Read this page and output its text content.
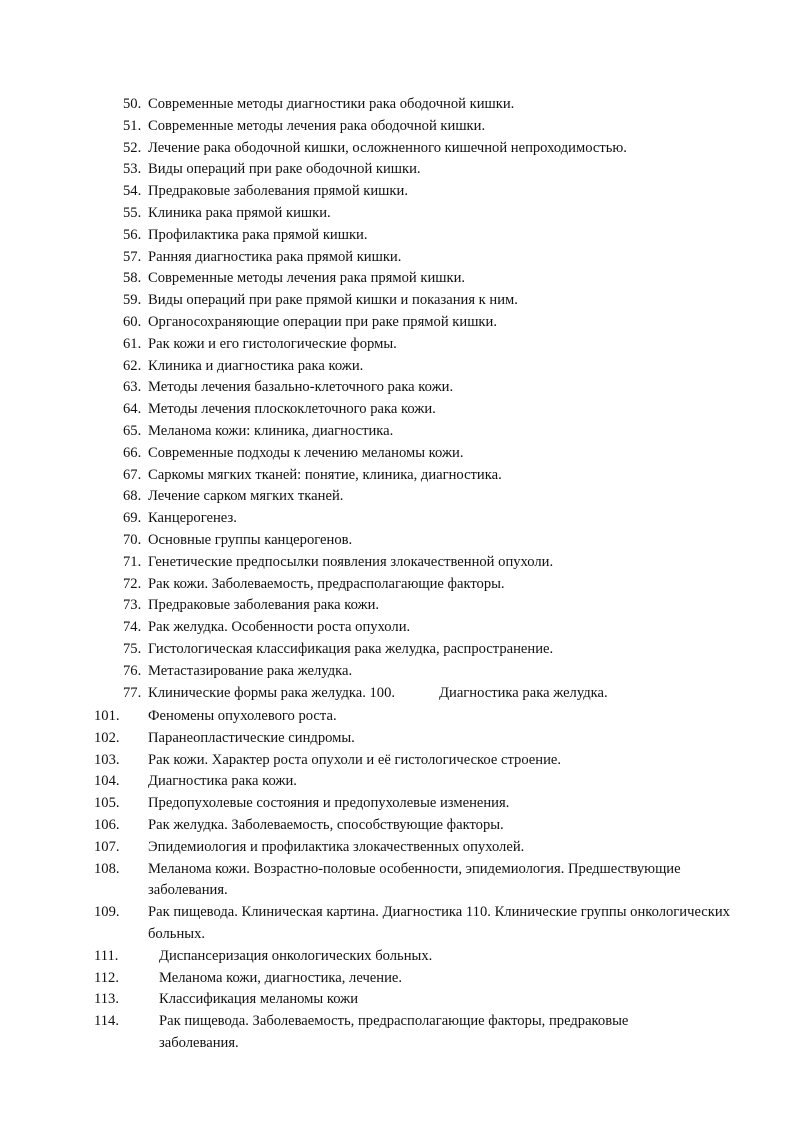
50. Современные методы диагностики рака ободочной кишки.
51. Современные методы лечения рака ободочной кишки.
52. Лечение рака ободочной кишки, осложненного кишечной непроходимостью.
53. Виды операций при раке ободочной кишки.
54. Предраковые заболевания прямой кишки.
55. Клиника рака прямой кишки.
56. Профилактика рака прямой кишки.
57. Ранняя диагностика рака прямой кишки.
58. Современные методы лечения рака прямой кишки.
59. Виды операций при раке прямой кишки и показания к ним.
60. Органосохраняющие операции при раке прямой кишки.
61. Рак кожи и его гистологические формы.
62. Клиника и диагностика рака кожи.
63. Методы лечения базально-клеточного рака кожи.
64. Методы лечения плоскоклеточного рака кожи.
65. Меланома кожи: клиника, диагностика.
66. Современные подходы к лечению меланомы кожи.
67. Саркомы мягких тканей: понятие, клиника, диагностика.
68. Лечение сарком мягких тканей.
69. Канцерогенез.
70. Основные группы канцерогенов.
71. Генетические предпосылки появления злокачественной опухоли.
72. Рак кожи. Заболеваемость, предрасполагающие факторы.
73. Предраковые заболевания рака кожи.
74. Рак желудка. Особенности роста опухоли.
75. Гистологическая классификация рака желудка, распространение.
76. Метастазирование рака желудка.
77. Клинические формы рака желудка. 100.	Диагностика рака желудка.
101. Феномены опухолевого роста.
102. Паранеопластические синдромы.
103. Рак кожи. Характер роста опухоли и её гистологическое строение.
104. Диагностика рака кожи.
105. Предопухолевые состояния и предопухолевые изменения.
106. Рак желудка. Заболеваемость, способствующие факторы.
107. Эпидемиология и профилактика злокачественных опухолей.
108. Меланома кожи. Возрастно-половые особенности, эпидемиология. Предшествующие заболевания.
109. Рак пищевода. Клиническая картина. Диагностика 110. Клинические группы онкологических больных.
111.	Диспансеризация онкологических больных.
112.	Меланома кожи, диагностика, лечение.
113.	Классификация меланомы кожи
114.	Рак пищевода. Заболеваемость, предрасполагающие факторы, предраковые заболевания.
